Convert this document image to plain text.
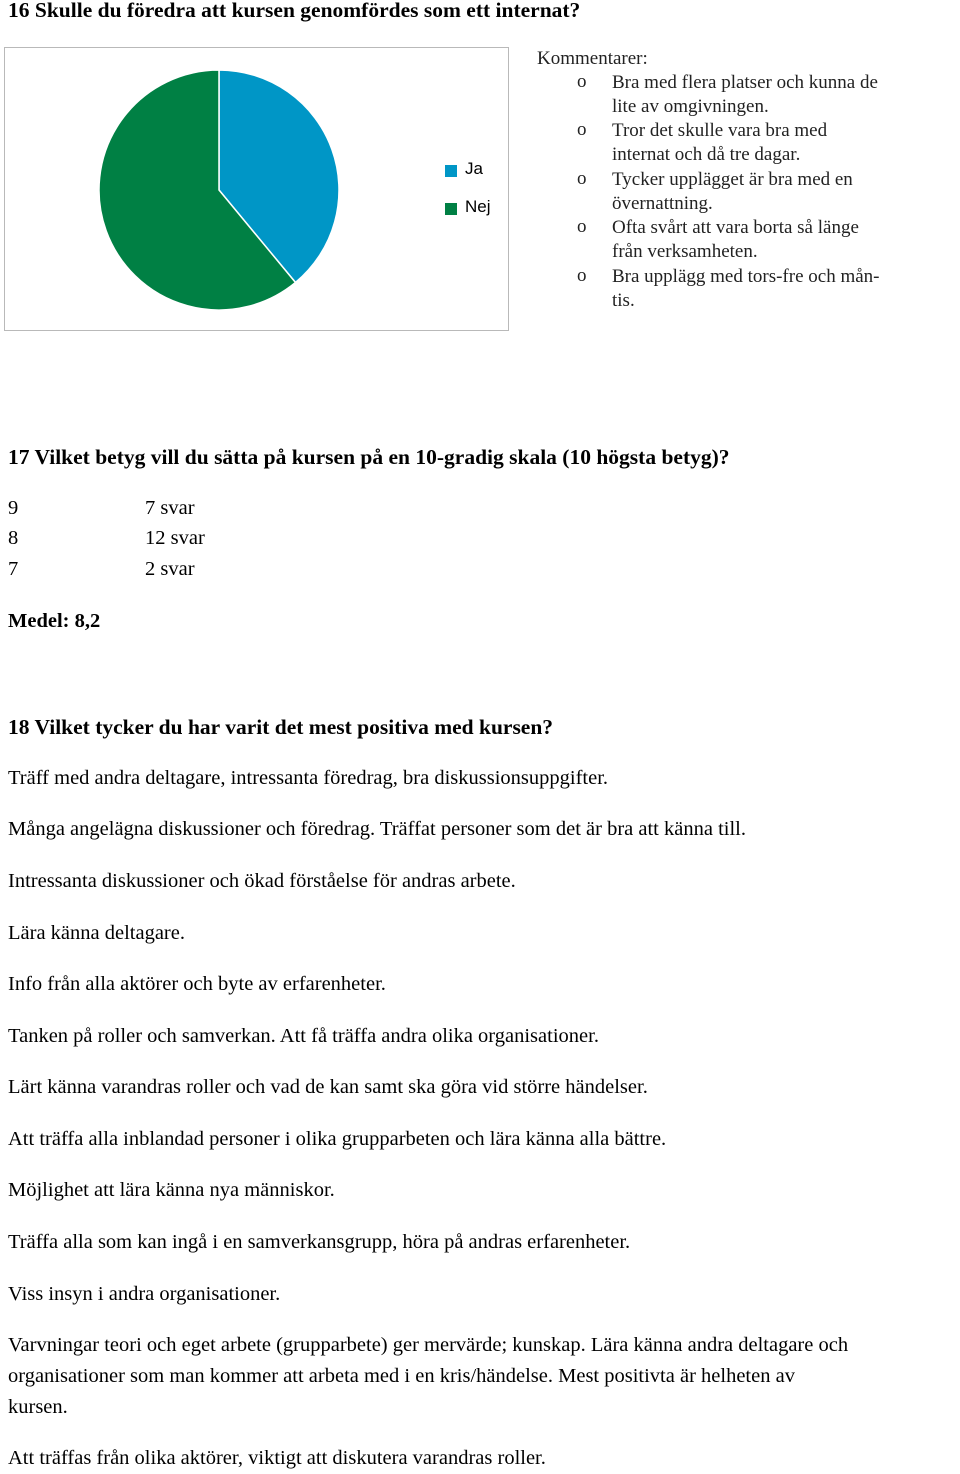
16 Skulle du föredra att kursen genomfördes som ett internat?
Ja
Nej
Kommentarer:
o Bra med flera platser och kunna de
lite av omgivningen.
o Tror det skulle vara bra med
internat och då tre dagar.
o Tycker upplägget är bra med en
övernattning.
o Ofta svårt att vara borta så länge
från verksamheten.
o Bra upplägg med tors-fre och mån-
tis.
17 Vilket betyg vill du sätta på kursen på en 10-gradig skala (10 högsta betyg)?
9	7 svar
8	12 svar
7	2 svar
Medel: 8,2
18 Vilket tycker du har varit det mest positiva med kursen?
Träff med andra deltagare, intressanta föredrag, bra diskussionsuppgifter.
Många angelägna diskussioner och föredrag. Träffat personer som det är bra att känna till.
Intressanta diskussioner och ökad förståelse för andras arbete.
Lära känna deltagare.
Info från alla aktörer och byte av erfarenheter.
Tanken på roller och samverkan. Att få träffa andra olika organisationer.
Lärt känna varandras roller och vad de kan samt ska göra vid större händelser.
Att träffa alla inblandad personer i olika grupparbeten och lära känna alla bättre.
Möjlighet att lära känna nya människor.
Träffa alla som kan ingå i en samverkansgrupp, höra på andras erfarenheter.
Viss insyn i andra organisationer.
Varvningar teori och eget arbete (grupparbete) ger mervärde; kunskap. Lära känna andra deltagare och
organisationer som man kommer att arbeta med i en kris/händelse. Mest positivta är helheten av
kursen.
Att träffas från olika aktörer, viktigt att diskutera varandras roller.
